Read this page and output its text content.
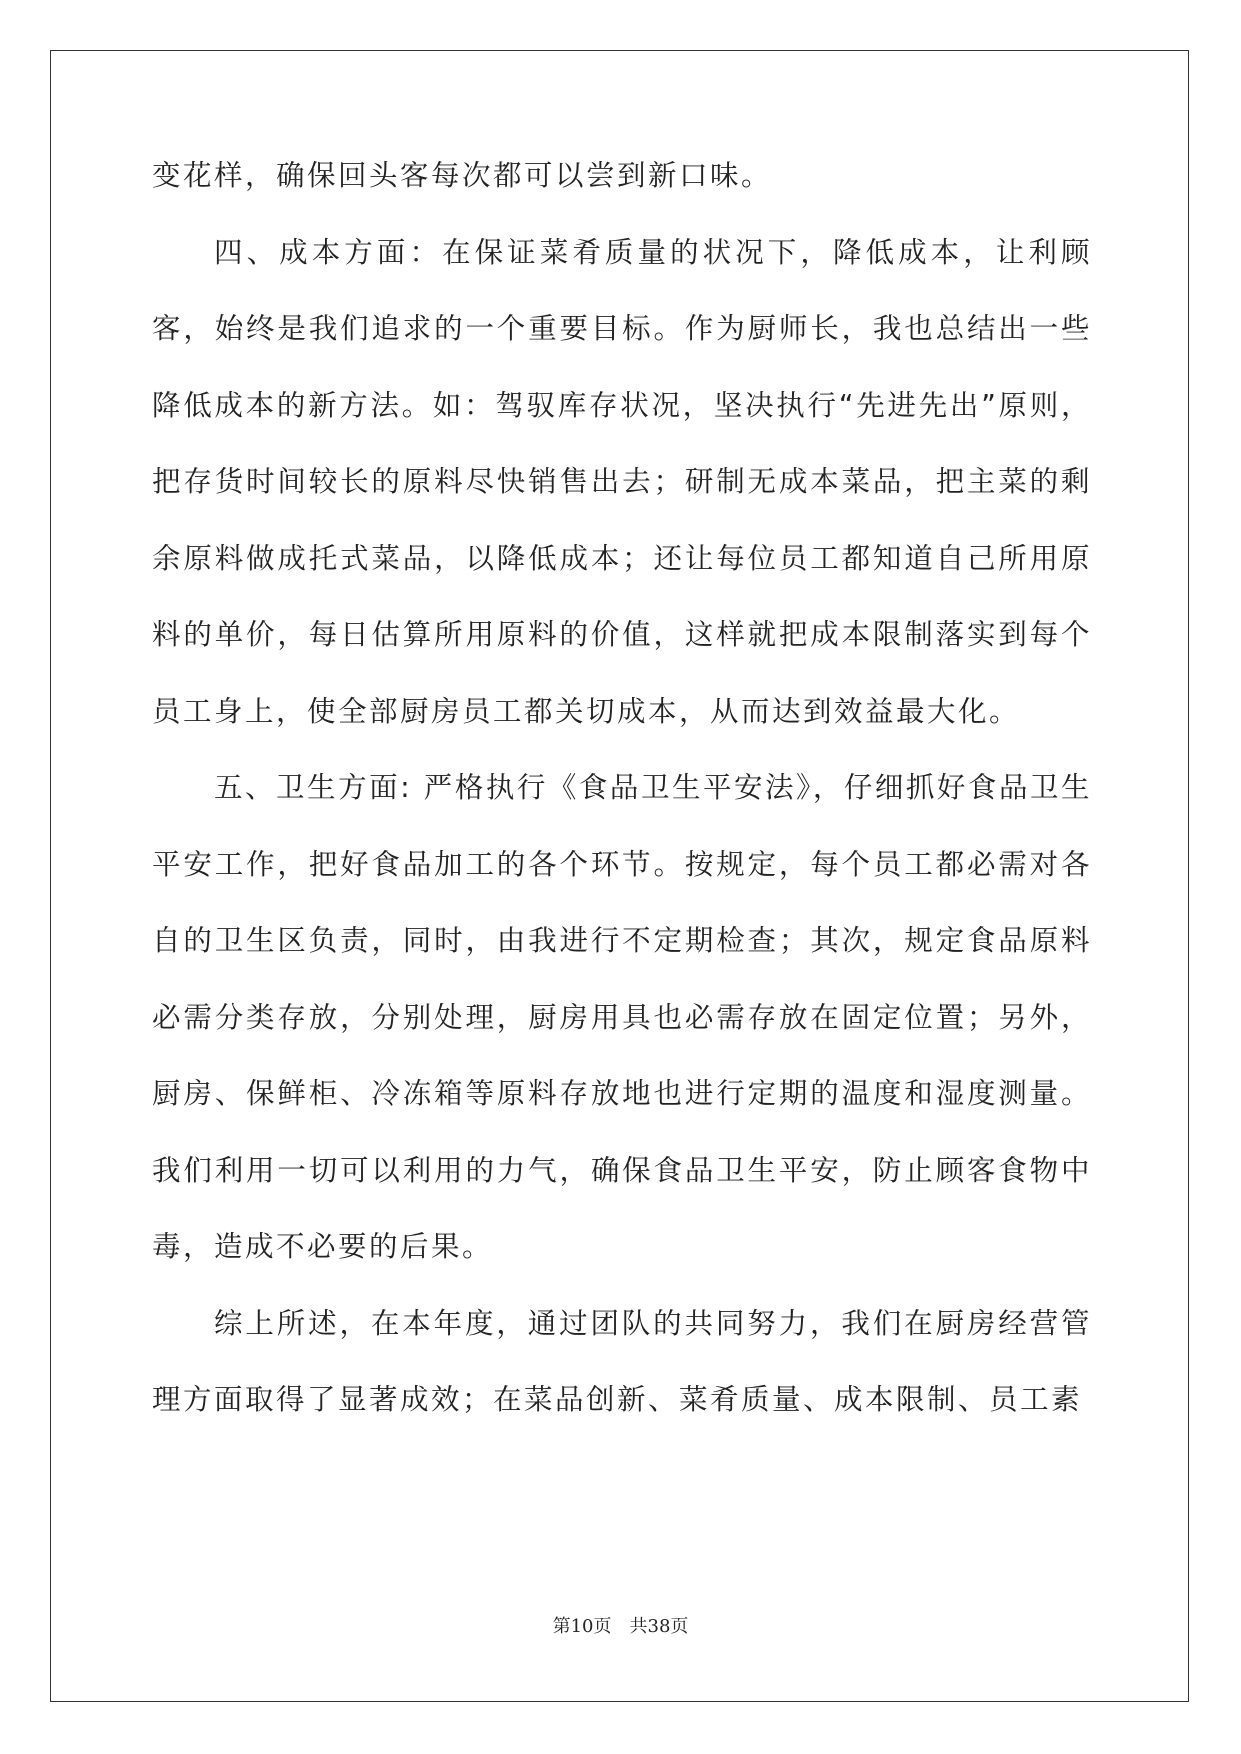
变花样，确保回头客每次都可以尝到新口味。

四、成本方面：在保证菜肴质量的状况下，降低成本，让利顾客，始终是我们追求的一个重要目标。作为厨师长，我也总结出一些降低成本的新方法。如：驾驭库存状况，坚决执行“先进先出”原则，把存货时间较长的原料尽快销售出去；研制无成本菜品，把主菜的剩余原料做成托式菜品，以降低成本；还让每位员工都知道自己所用原料的单价，每日估算所用原料的价值，这样就把成本限制落实到每个员工身上，使全部厨房员工都关切成本，从而达到效益最大化。

五、卫生方面: 严格执行《食品卫生平安法》，仔细抓好食品卫生平安工作，把好食品加工的各个环节。按规定，每个员工都必需对各自的卫生区负责，同时，由我进行不定期检查；其次，规定食品原料必需分类存放，分别处理，厨房用具也必需存放在固定位置；另外，厨房、保鲜柜、冷冻箱等原料存放地也进行定期的温度和湿度测量。我们利用一切可以利用的力气，确保食品卫生平安，防止顾客食物中毒，造成不必要的后果。

综上所述，在本年度，通过团队的共同努力，我们在厨房经营管理方面取得了显著成效；在菜品创新、菜肴质量、成本限制、员工素

第10页 共38页
